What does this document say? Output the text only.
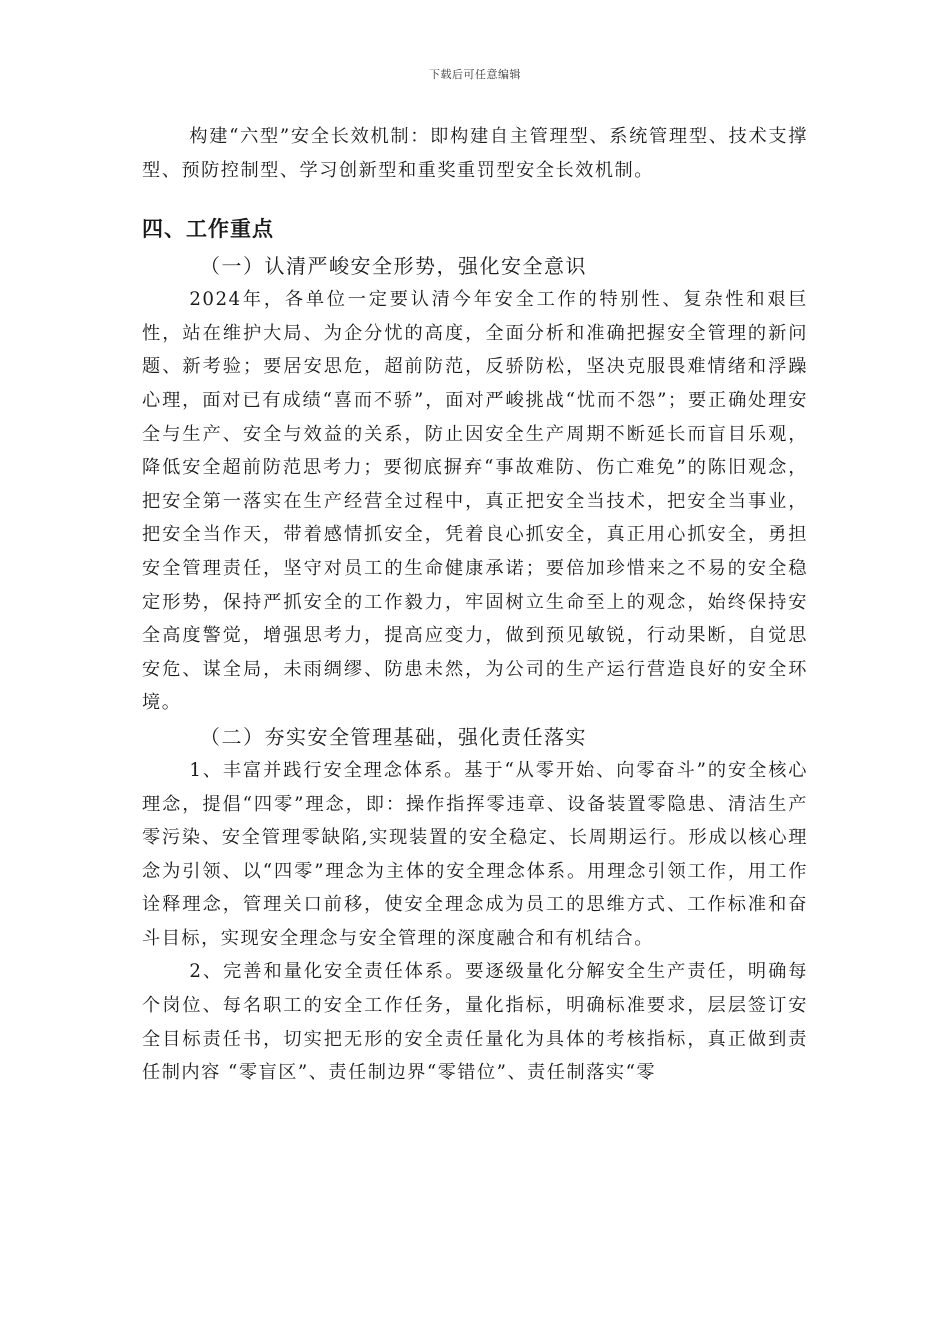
下载后可任意编辑

构建“六型”安全长效机制：即构建自主管理型、系统管理型、技术支撑型、预防控制型、学习创新型和重奖重罚型安全长效机制。

四、工作重点
（一）认清严峻安全形势，强化安全意识

2024年，各单位一定要认清今年安全工作的特别性、复杂性和艰巨性，站在维护大局、为企分忧的高度，全面分析和准确把握安全管理的新问题、新考验；要居安思危，超前防范，反骄防松，坚决克服畏难情绪和浮躁心理，面对已有成绩“喜而不骄”，面对严峻挑战“忧而不怨”；要正确处理安全与生产、安全与效益的关系，防止因安全生产周期不断延长而盲目乐观，降低安全超前防范思考力；要彻底摒弃“事故难防、伤亡难免”的陈旧观念，把安全第一落实在生产经营全过程中，真正把安全当技术，把安全当事业，把安全当作天，带着感情抓安全，凭着良心抓安全，真正用心抓安全，勇担安全管理责任，坚守对员工的生命健康承诺；要倍加珍惜来之不易的安全稳定形势，保持严抓安全的工作毅力，牢固树立生命至上的观念，始终保持安全高度警觉，增强思考力，提高应变力，做到预见敏锐，行动果断，自觉思安危、谋全局，未雨绸缪、防患未然，为公司的生产运行营造良好的安全环境。

（二）夯实安全管理基础，强化责任落实

1、丰富并践行安全理念体系。基于“从零开始、向零奋斗”的安全核心理念，提倡“四零”理念，即：操作指挥零违章、设备装置零隐患、清洁生产零污染、安全管理零缺陷,实现装置的安全稳定、长周期运行。形成以核心理念为引领、以“四零”理念为主体的安全理念体系。用理念引领工作，用工作诠释理念，管理关口前移，使安全理念成为员工的思维方式、工作标准和奋斗目标，实现安全理念与安全管理的深度融合和有机结合。

2、完善和量化安全责任体系。要逐级量化分解安全生产责任，明确每个岗位、每名职工的安全工作任务，量化指标，明确标准要求，层层签订安全目标责任书，切实把无形的安全责任量化为具体的考核指标，真正做到责任制内容 “零盲区”、责任制边界“零错位”、责任制落实“零
